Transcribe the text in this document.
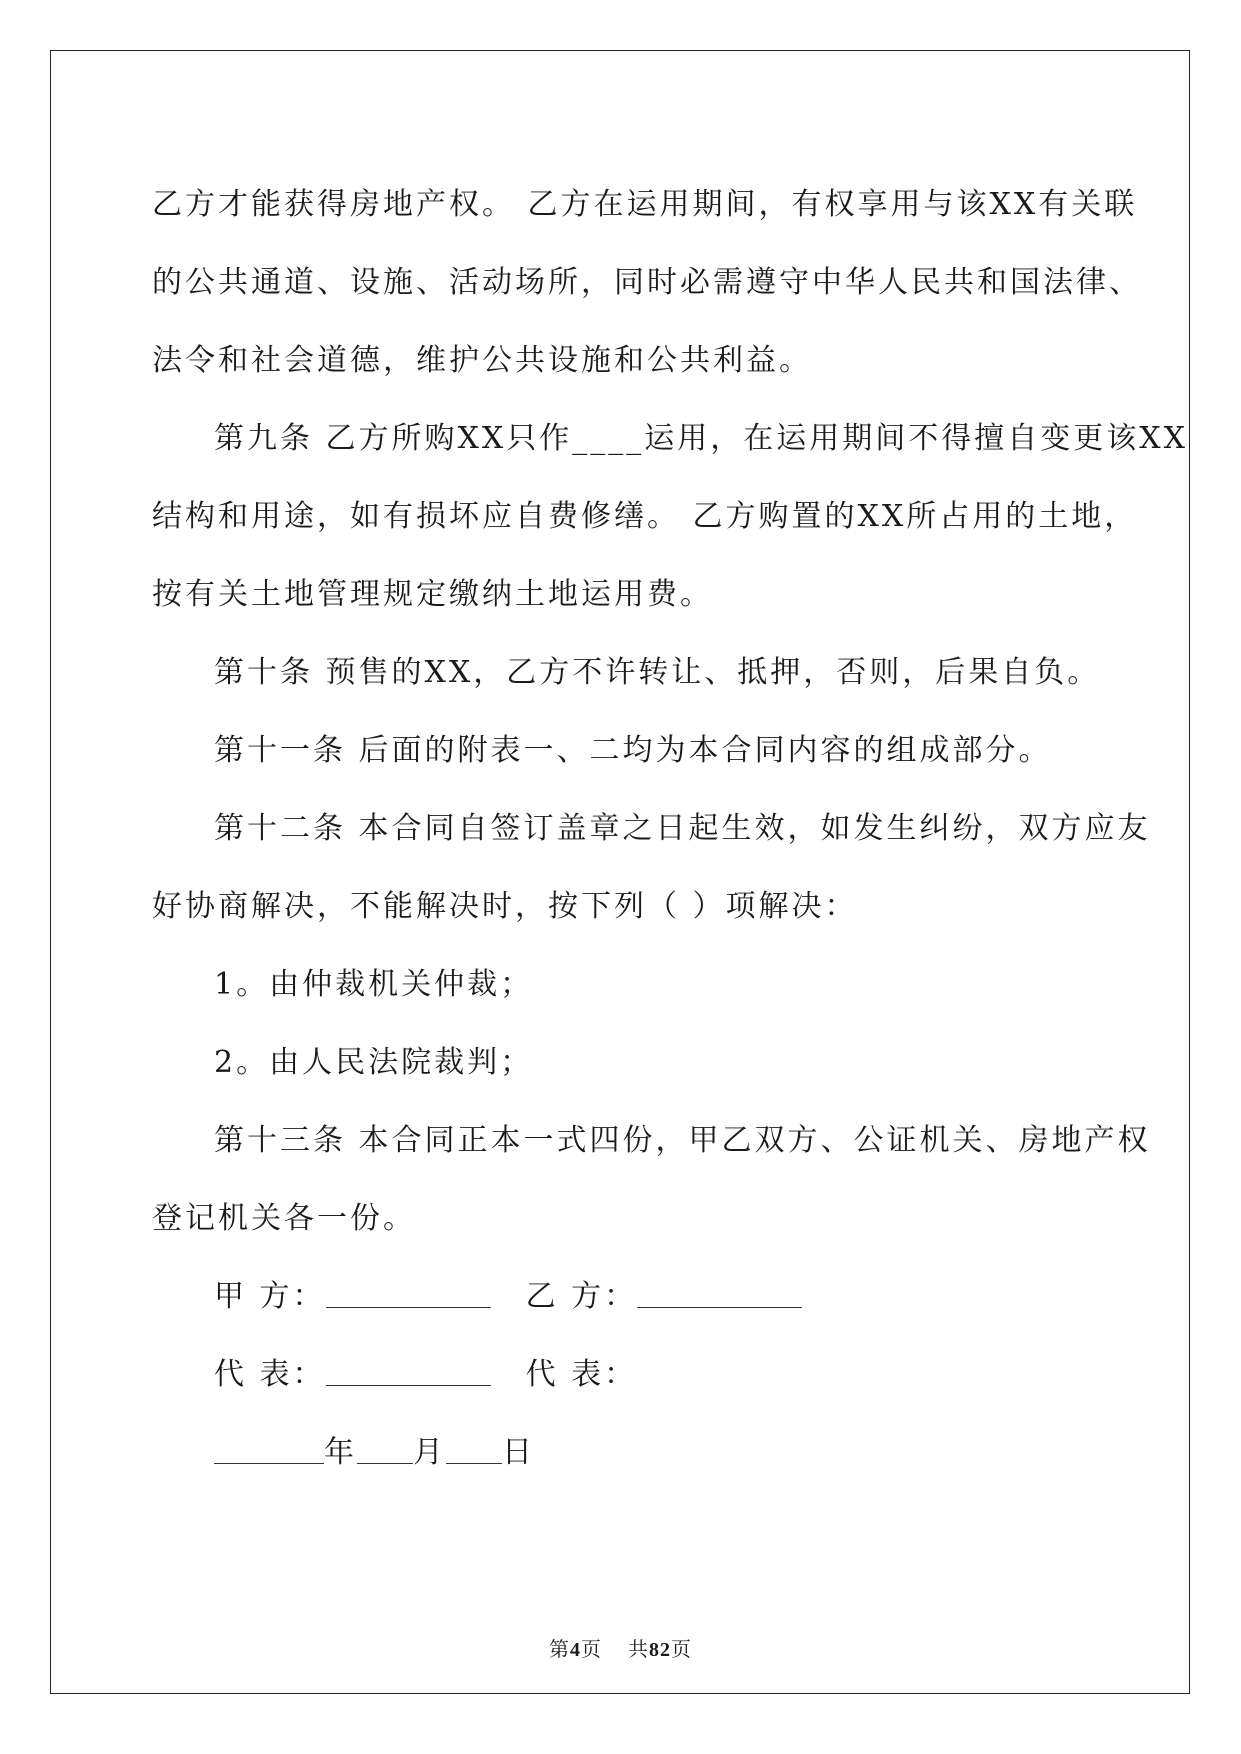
乙方才能获得房地产权。 乙方在运用期间，有权享用与该XX有关联

的公共通道、设施、活动场所，同时必需遵守中华人民共和国法律、

法令和社会道德，维护公共设施和公共利益。

第九条 乙方所购XX只作____运用，在运用期间不得擅自变更该XX

结构和用途，如有损坏应自费修缮。 乙方购置的XX所占用的土地，

按有关土地管理规定缴纳土地运用费。

第十条 预售的XX，乙方不许转让、抵押，否则，后果自负。

第十一条 后面的附表一、二均为本合同内容的组成部分。

第十二条 本合同自签订盖章之日起生效，如发生纠纷，双方应友

好协商解决，不能解决时，按下列（ ）项解决：

1。由仲裁机关仲裁；

2。由人民法院裁判；

第十三条 本合同正本一式四份，甲乙双方、公证机关、房地产权

登记机关各一份。

甲 方：	乙 方：

代 表：	代 表：

年 月 日

第4页 共82页
